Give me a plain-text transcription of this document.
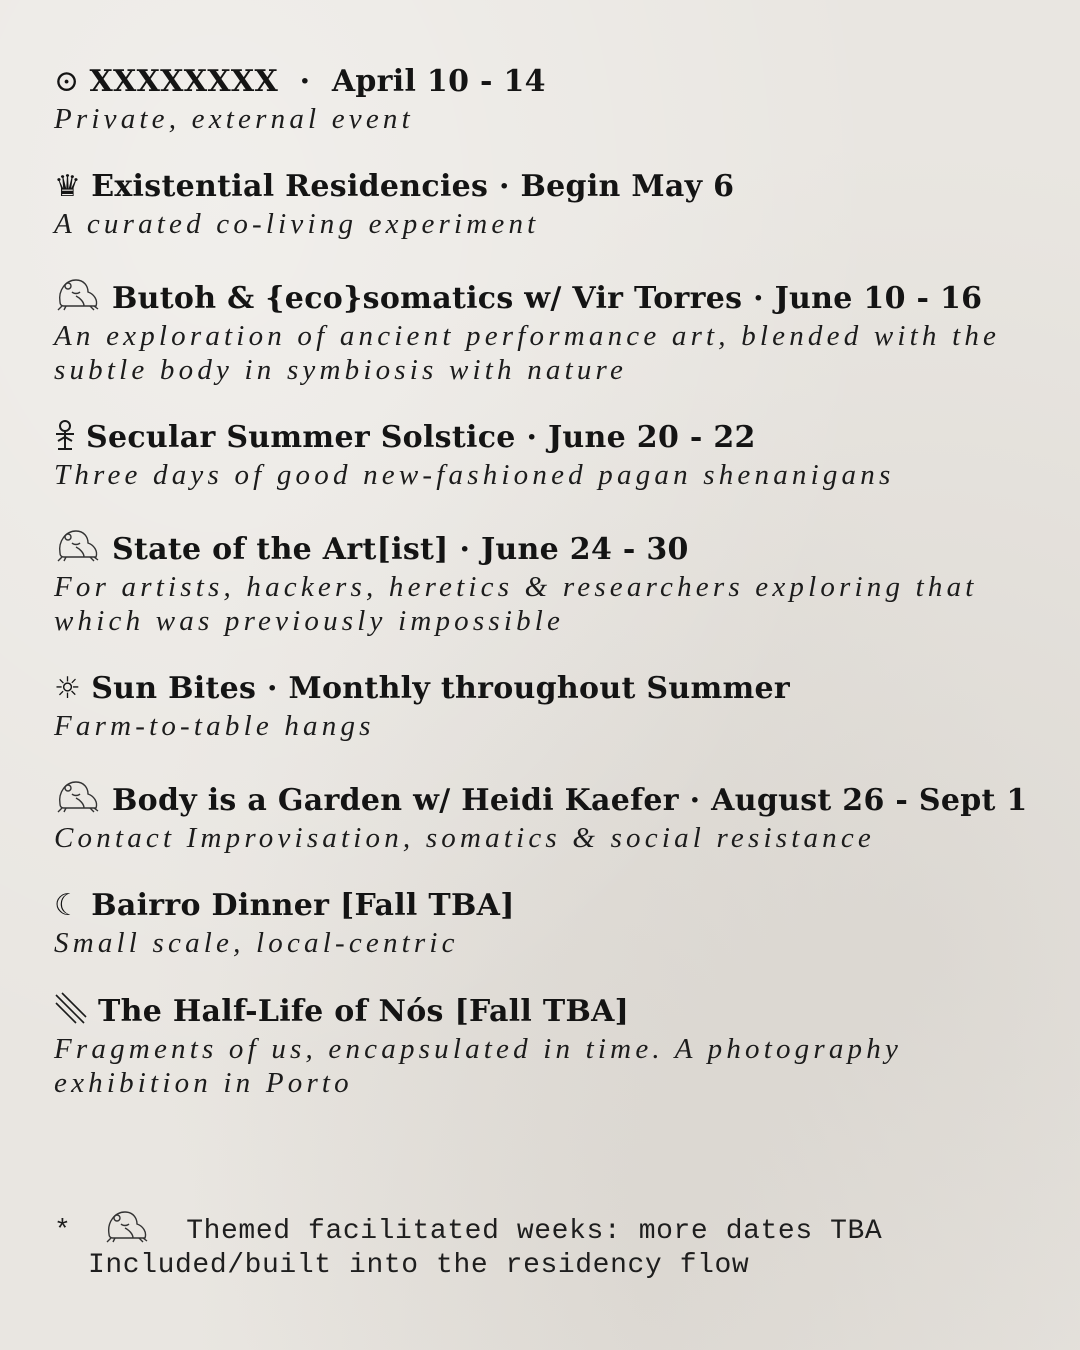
⊙ XXXXXXXX · April 10 - 14
Private, external event
♛ Existential Residencies · Begin May 6
A curated co-living experiment
Butoh & {eco}somatics w/ Vir Torres · June 10 - 16
An exploration of ancient performance art, blended with the subtle body in symbiosis with nature
Secular Summer Solstice · June 20 - 22
Three days of good new-fashioned pagan shenanigans
State of the Art[ist] · June 24 - 30
For artists, hackers, heretics & researchers exploring that which was previously impossible
☼ Sun Bites · Monthly throughout Summer
Farm-to-table hangs
Body is a Garden w/ Heidi Kaefer · August 26 - Sept 1
Contact Improvisation, somatics & social resistance
☾ Bairro Dinner [Fall TBA]
Small scale, local-centric
The Half-Life of Nós [Fall TBA]
Fragments of us, encapsulated in time. A photography exhibition in Porto
*	Themed facilitated weeks: more dates TBA
Included/built into the residency flow
